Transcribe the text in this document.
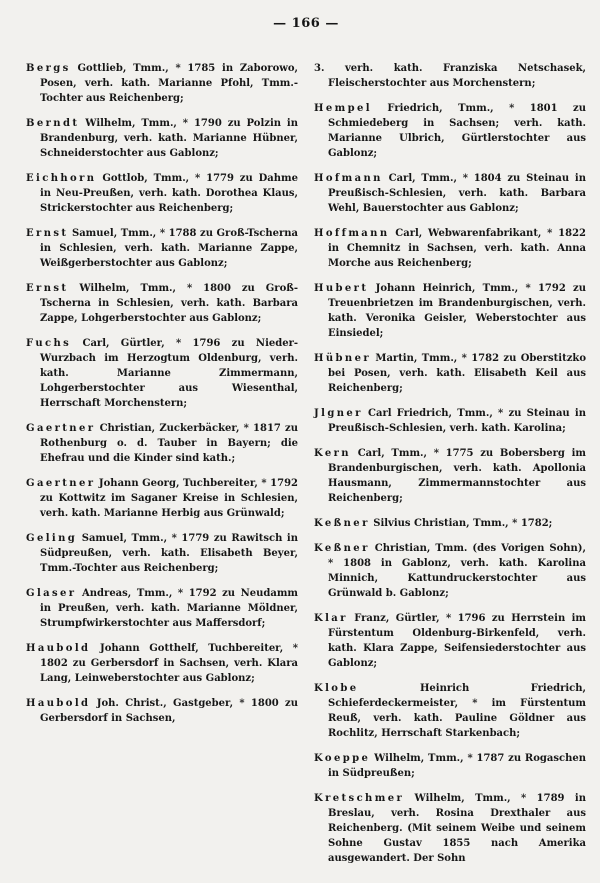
— 166 —

Bergs Gottlieb, Tmm., * 1785 in Zaborowo, Posen, verh. kath. Marianne Pfohl, Tmm.-Tochter aus Reichenberg;

Berndt Wilhelm, Tmm., * 1790 zu Polzin in Brandenburg, verh. kath. Marianne Hübner, Schneiderstochter aus Gablonz;

Eichhorn Gottlob, Tmm., * 1779 zu Dahme in Neu-Preußen, verh. kath. Dorothea Klaus, Strickerstochter aus Reichenberg;

Ernst Samuel, Tmm., * 1788 zu Groß-Tscherna in Schlesien, verh. kath. Marianne Zappe, Weißgerberstochter aus Gablonz;

Ernst Wilhelm, Tmm., * 1800 zu Groß-Tscherna in Schlesien, verh. kath. Barbara Zappe, Lohgerberstochter aus Gablonz;

Fuchs Carl, Gürtler, * 1796 zu Nieder-Wurzbach im Herzogtum Oldenburg, verh. kath. Marianne Zimmermann, Lohgerberstochter aus Wiesenthal, Herrschaft Morchenstern;

Gaertner Christian, Zuckerbäcker, * 1817 zu Rothenburg o. d. Tauber in Bayern; die Ehefrau und die Kinder sind kath.;

Gaertner Johann Georg, Tuchbereiter, * 1792 zu Kottwitz im Saganer Kreise in Schlesien, verh. kath. Marianne Herbig aus Grünwald;

Geling Samuel, Tmm., * 1779 zu Rawitsch in Südpreußen, verh. kath. Elisabeth Beyer, Tmm.-Tochter aus Reichenberg;

Glaser Andreas, Tmm., * 1792 zu Neudamm in Preußen, verh. kath. Marianne Möldner, Strumpfwirkerstochter aus Maffersdorf;

Haubold Johann Gotthelf, Tuchbereiter, * 1802 zu Gerbersdorf in Sachsen, verh. Klara Lang, Leinweberstochter aus Gablonz;

Haubold Joh. Christ., Gastgeber, * 1800 zu Gerbersdorf in Sachsen,

3. verh. kath. Franziska Netschasek, Fleischerstochter aus Morchenstern;

Hempel Friedrich, Tmm., * 1801 zu Schmiedeberg in Sachsen; verh. kath. Marianne Ulbrich, Gürtlerstochter aus Gablonz;

Hofmann Carl, Tmm., * 1804 zu Steinau in Preußisch-Schlesien, verh. kath. Barbara Wehl, Bauerstochter aus Gablonz;

Hoffmann Carl, Webwarenfabrikant, * 1822 in Chemnitz in Sachsen, verh. kath. Anna Morche aus Reichenberg;

Hubert Johann Heinrich, Tmm., * 1792 zu Treuenbrietzen im Brandenburgischen, verh. kath. Veronika Geisler, Weberstochter aus Einsiedel;

Hübner Martin, Tmm., * 1782 zu Oberstitzko bei Posen, verh. kath. Elisabeth Keil aus Reichenberg;

Jlgner Carl Friedrich, Tmm., * zu Steinau in Preußisch-Schlesien, verh. kath. Karolina;

Kern Carl, Tmm., * 1775 zu Bobersberg im Brandenburgischen, verh. kath. Apollonia Hausmann, Zimmermannstochter aus Reichenberg;

Keßner Silvius Christian, Tmm., * 1782;

Keßner Christian, Tmm. (des Vorigen Sohn), * 1808 in Gablonz, verh. kath. Karolina Minnich, Kattundruckerstochter aus Grünwald b. Gablonz;

Klar Franz, Gürtler, * 1796 zu Herrstein im Fürstentum Oldenburg-Birkenfeld, verh. kath. Klara Zappe, Seifensiederstochter aus Gablonz;

Klobe Heinrich Friedrich, Schieferdeckermeister, * im Fürstentum Reuß, verh. kath. Pauline Göldner aus Rochlitz, Herrschaft Starkenbach;

Koeppe Wilhelm, Tmm., * 1787 zu Rogaschen in Südpreußen;

Kretschmer Wilhelm, Tmm., * 1789 in Breslau, verh. Rosina Drexthaler aus Reichenberg. (Mit seinem Weibe und seinem Sohne Gustav 1855 nach Amerika ausgewandert. Der Sohn
